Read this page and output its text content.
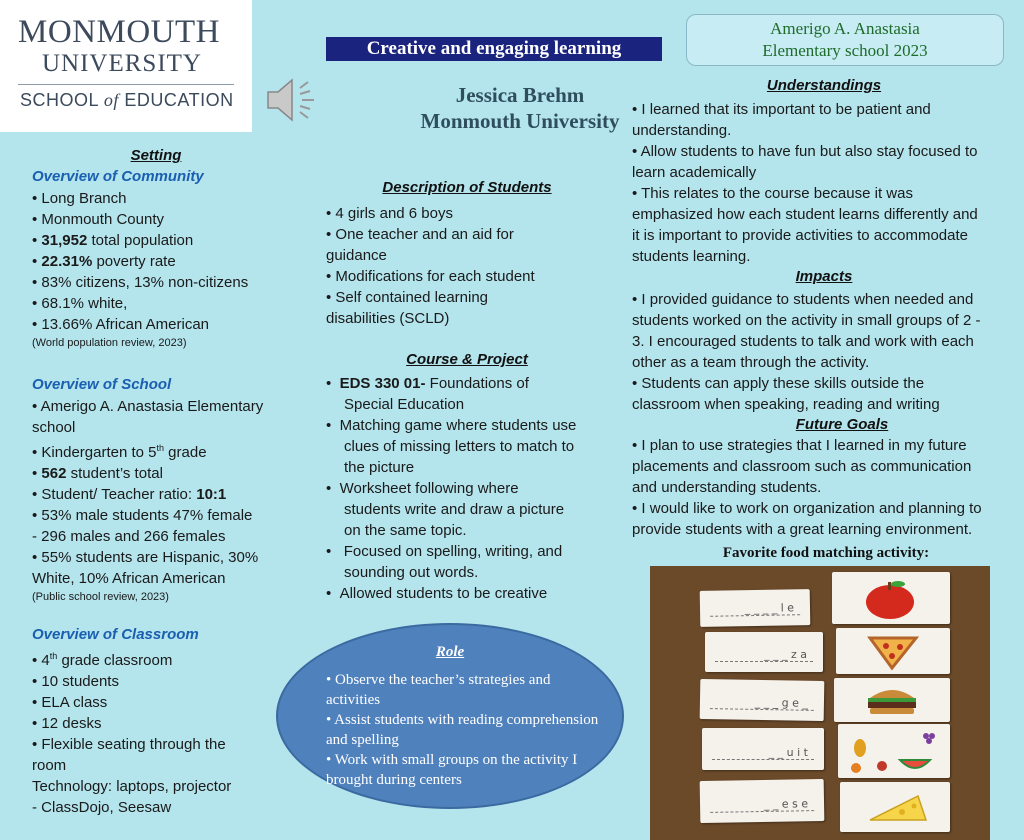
MONMOUTH
UNIVERSITY
SCHOOL of EDUCATION
Creative and engaging learning
Jessica Brehm
Monmouth University
Amerigo A. Anastasia
Elementary school 2023
Setting
Overview of Community
• Long Branch
• Monmouth County
• 31,952 total population
• 22.31% poverty rate
• 83% citizens, 13% non-citizens
• 68.1% white,
• 13.66% African American
(World population review, 2023)
Overview of School
• Amerigo A. Anastasia Elementary
school
• Kindergarten to 5th grade
• 562 student’s total
• Student/ Teacher ratio: 10:1
• 53% male students 47% female
- 296 males and 266 females
• 55% students are Hispanic, 30%
White, 10% African American
(Public school review, 2023)
Overview of Classroom
• 4th grade classroom
• 10 students
• ELA class
• 12 desks
• Flexible seating through the
room
Technology: laptops, projector
- ClassDojo, Seesaw
Description of Students
• 4 girls and 6 boys
• One teacher and an aid for
guidance
• Modifications for each student
• Self contained learning
disabilities (SCLD)
Course & Project
•  EDS 330 01- Foundations of Special Education
•  Matching game where students use clues of missing letters to match to the picture
•  Worksheet following where students write and draw a picture on the same topic.
•   Focused on spelling, writing, and sounding out words.
•  Allowed students to be creative
Role
• Observe the teacher’s strategies and activities
• Assist students with reading comprehension and spelling
• Work with small groups on the activity I brought during centers
Understandings
• I learned that its important to be patient and
understanding.
• Allow students to have fun but also stay focused to
learn academically
• This relates to the course because it was
emphasized how each student learns differently and
it is important to provide activities to accommodate
students learning.
Impacts
• I provided guidance to students when needed and
students worked on the activity in small groups of 2 -
3. I encouraged students to talk and work with each
other as a team through the activity.
• Students can apply these skills outside the
classroom when speaking, reading and writing
Future Goals
• I plan to use strategies that I learned in my future
placements and classroom such as communication
and understanding students.
• I would like to work on organization and planning to
provide students with a great learning environment.
Favorite food matching activity:
_ _ _ _ l e
_ _ _ z a
_ _ _ g e _
_ _ u i t
_ _ e s e
